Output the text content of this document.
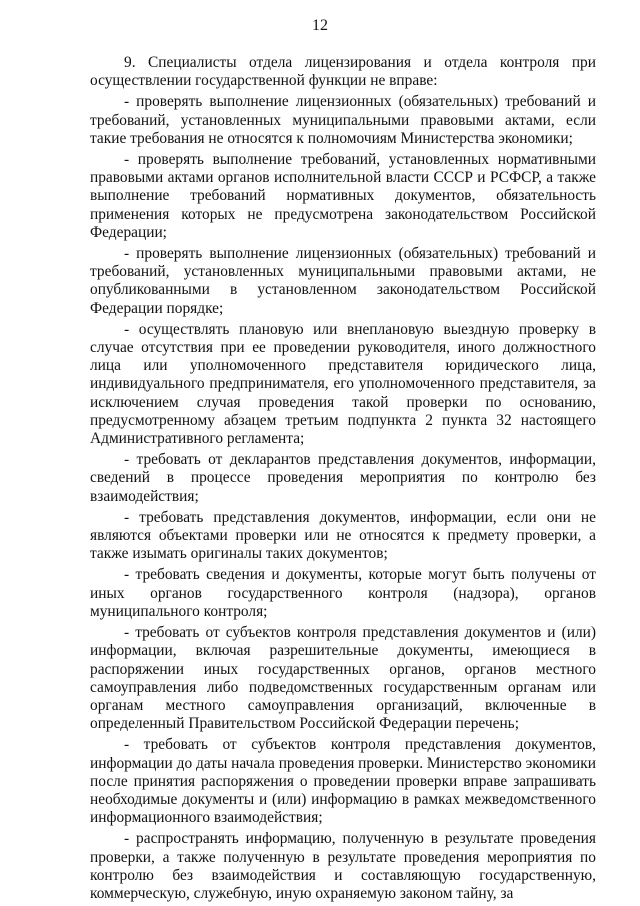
12

9. Специалисты отдела лицензирования и отдела контроля при осуществлении государственной функции не вправе:

- проверять выполнение лицензионных (обязательных) требований и требований, установленных муниципальными правовыми актами, если такие требования не относятся к полномочиям Министерства экономики;

- проверять выполнение требований, установленных нормативными правовыми актами органов исполнительной власти СССР и РСФСР, а также выполнение требований нормативных документов, обязательность применения которых не предусмотрена законодательством Российской Федерации;

- проверять выполнение лицензионных (обязательных) требований и требований, установленных муниципальными правовыми актами, не опубликованными в установленном законодательством Российской Федерации порядке;

- осуществлять плановую или внеплановую выездную проверку в случае отсутствия при ее проведении руководителя, иного должностного лица или уполномоченного представителя юридического лица, индивидуального предпринимателя, его уполномоченного представителя, за исключением случая проведения такой проверки по основанию, предусмотренному абзацем третьим подпункта 2 пункта 32 настоящего Административного регламента;

- требовать от декларантов представления документов, информации, сведений в процессе проведения мероприятия по контролю без взаимодействия;

- требовать представления документов, информации, если они не являются объектами проверки или не относятся к предмету проверки, а также изымать оригиналы таких документов;

- требовать сведения и документы, которые могут быть получены от иных органов государственного контроля (надзора), органов муниципального контроля;

- требовать от субъектов контроля представления документов и (или) информации, включая разрешительные документы, имеющиеся в распоряжении иных государственных органов, органов местного самоуправления либо подведомственных государственным органам или органам местного самоуправления организаций, включенные в определенный Правительством Российской Федерации перечень;

- требовать от субъектов контроля представления документов, информации до даты начала проведения проверки. Министерство экономики после принятия распоряжения о проведении проверки вправе запрашивать необходимые документы и (или) информацию в рамках межведомственного информационного взаимодействия;

- распространять информацию, полученную в результате проведения проверки, а также полученную в результате проведения мероприятия по контролю без взаимодействия и составляющую государственную, коммерческую, служебную, иную охраняемую законом тайну, за
